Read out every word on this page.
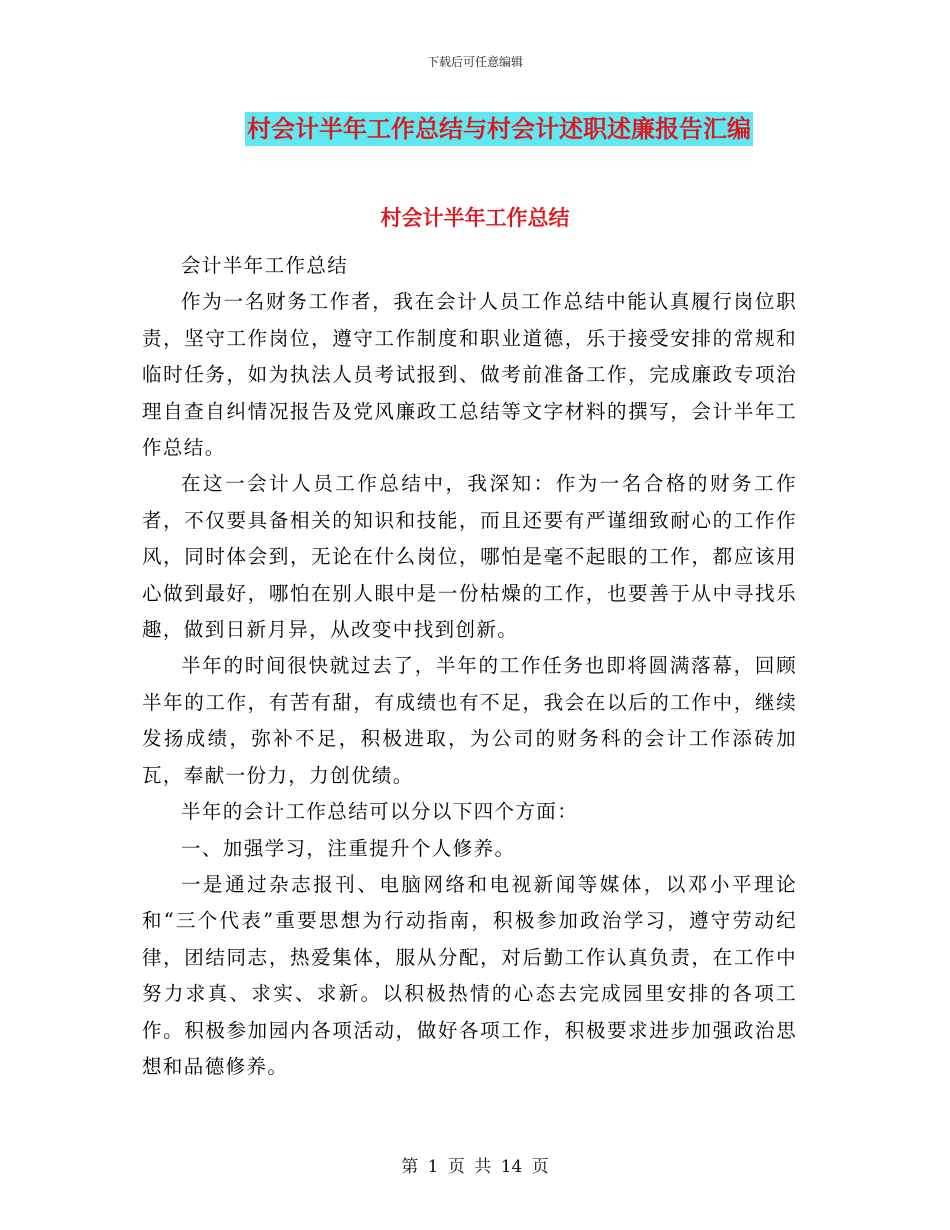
下载后可任意编辑
村会计半年工作总结与村会计述职述廉报告汇编
村会计半年工作总结

会计半年工作总结

作为一名财务工作者，我在会计人员工作总结中能认真履行岗位职责，坚守工作岗位，遵守工作制度和职业道德，乐于接受安排的常规和临时任务，如为执法人员考试报到、做考前准备工作，完成廉政专项治理自查自纠情况报告及党风廉政工总结等文字材料的撰写，会计半年工作总结。

在这一会计人员工作总结中，我深知：作为一名合格的财务工作者，不仅要具备相关的知识和技能，而且还要有严谨细致耐心的工作作风，同时体会到，无论在什么岗位，哪怕是毫不起眼的工作，都应该用心做到最好，哪怕在别人眼中是一份枯燥的工作，也要善于从中寻找乐趣，做到日新月异，从改变中找到创新。

半年的时间很快就过去了，半年的工作任务也即将圆满落幕，回顾半年的工作，有苦有甜，有成绩也有不足，我会在以后的工作中，继续发扬成绩，弥补不足，积极进取，为公司的财务科的会计工作添砖加瓦，奉献一份力，力创优绩。

半年的会计工作总结可以分以下四个方面：

一、加强学习，注重提升个人修养。

一是通过杂志报刊、电脑网络和电视新闻等媒体，以邓小平理论和“三个代表”重要思想为行动指南，积极参加政治学习，遵守劳动纪律，团结同志，热爱集体，服从分配，对后勤工作认真负责，在工作中努力求真、求实、求新。以积极热情的心态去完成园里安排的各项工作。积极参加园内各项活动，做好各项工作，积极要求进步加强政治思想和品德修养。

第 1 页 共 14 页
